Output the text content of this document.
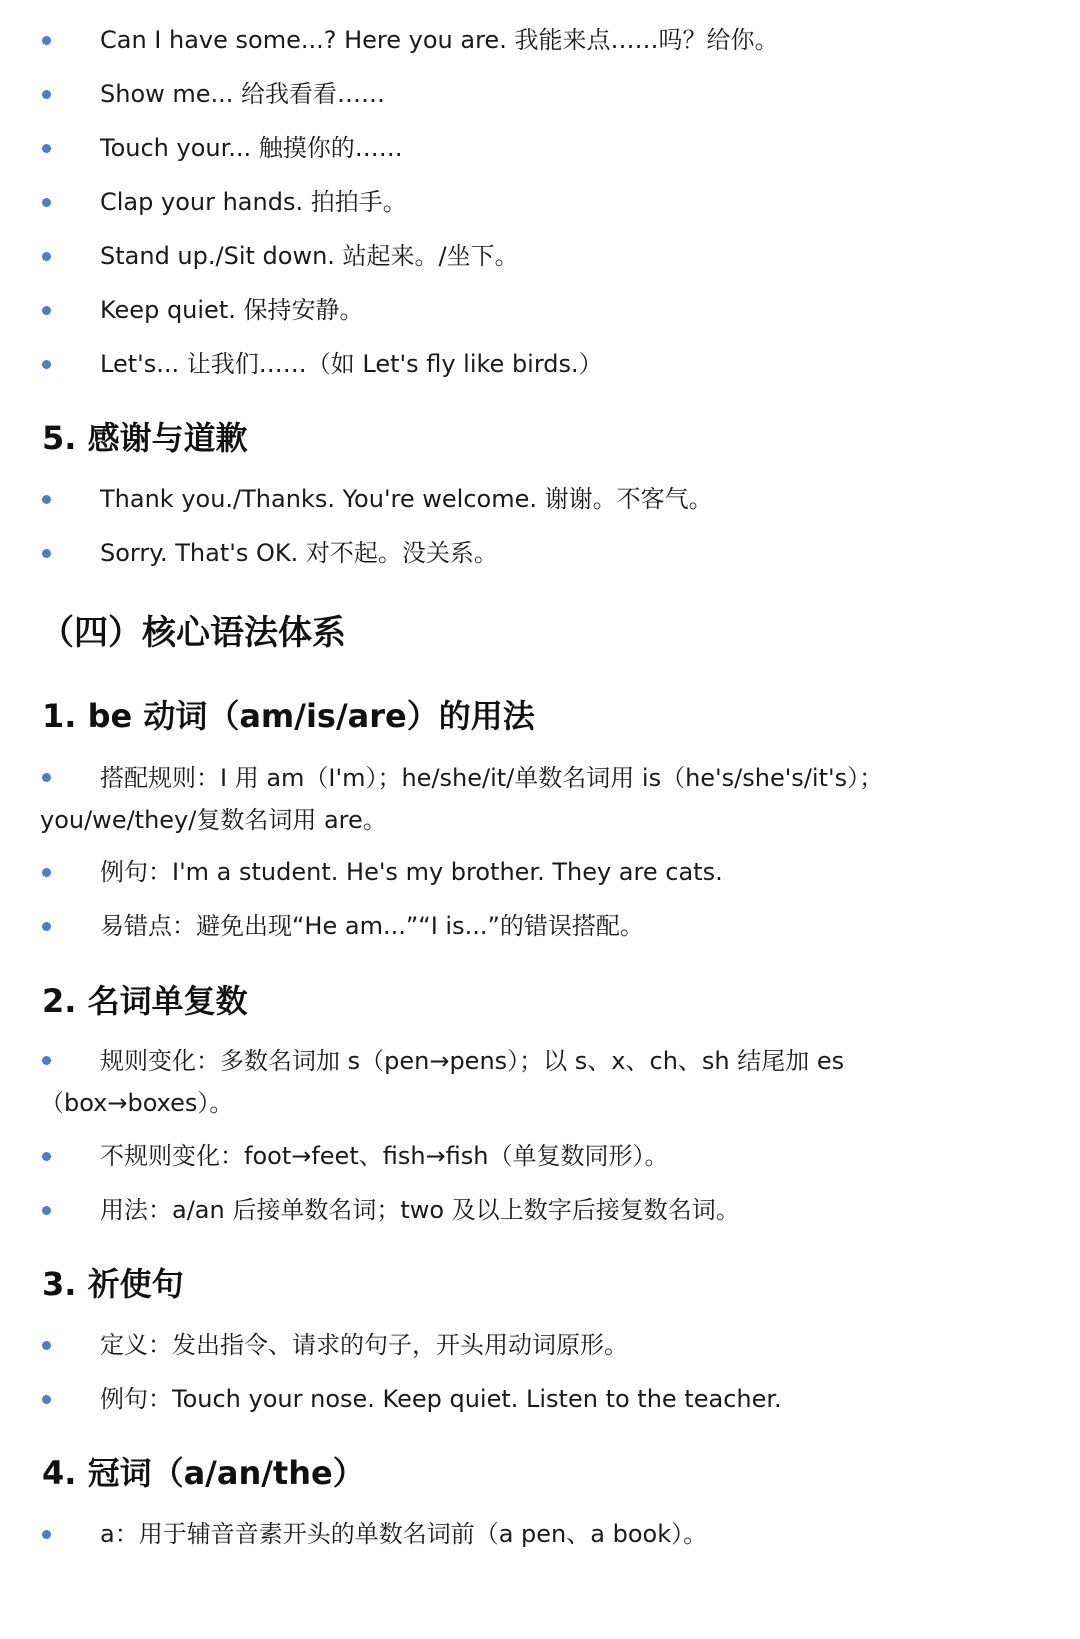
Can I have some...? Here you are. 我能来点……吗？给你。
Show me... 给我看看……
Touch your... 触摸你的……
Clap your hands. 拍拍手。
Stand up./Sit down. 站起来。/坐下。
Keep quiet. 保持安静。
Let's... 让我们……（如 Let's fly like birds.）
5. 感谢与道歉
Thank you./Thanks. You're welcome. 谢谢。不客气。
Sorry. That's OK. 对不起。没关系。
（四）核心语法体系
1. be 动词（am/is/are）的用法
搭配规则：I 用 am（I'm）；he/she/it/单数名词用 is（he's/she's/it's）；you/we/they/复数名词用 are。
例句：I'm a student. He's my brother. They are cats.
易错点：避免出现“He am...”“I is...”的错误搭配。
2. 名词单复数
规则变化：多数名词加 s（pen→pens）；以 s、x、ch、sh 结尾加 es（box→boxes）。
不规则变化：foot→feet、fish→fish（单复数同形）。
用法：a/an 后接单数名词；two 及以上数字后接复数名词。
3. 祈使句
定义：发出指令、请求的句子，开头用动词原形。
例句：Touch your nose. Keep quiet. Listen to the teacher.
4. 冠词（a/an/the）
a：用于辅音音素开头的单数名词前（a pen、a book）。
